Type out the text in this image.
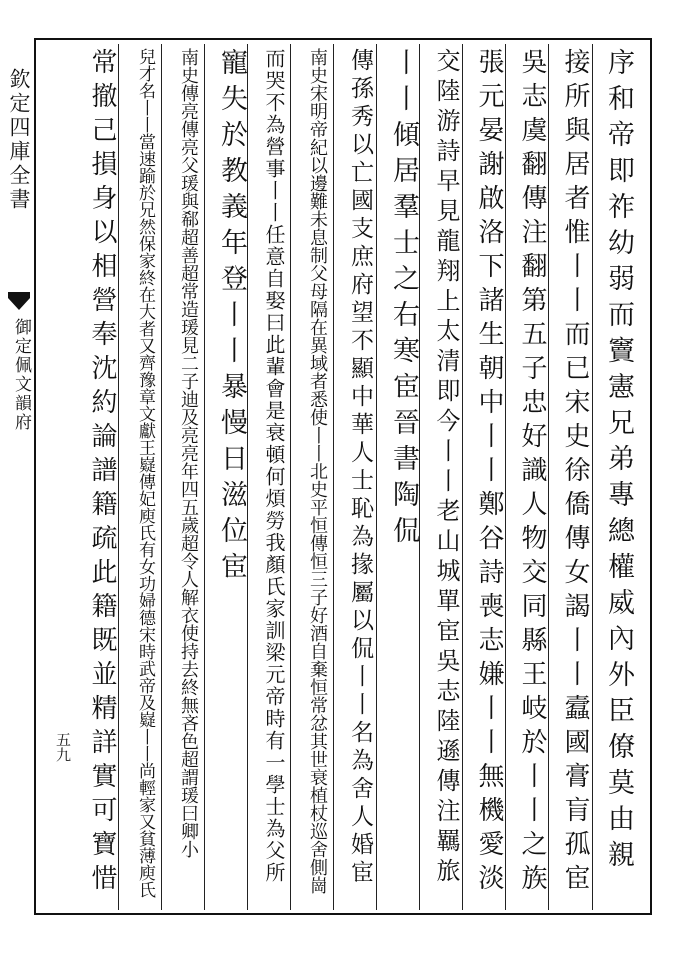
欽定四庫全書
御定佩文韻府
五九	序和帝即祚幼弱而竇憲兄弟專總權威內外臣僚莫由親
接所與居者惟丨丨而已宋史徐僑傳女謁丨丨蠧國膏肓孤宦
吳志虞翻傳注翻第五子忠好識人物交同縣王岐於丨丨之族
張元晏謝啟洛下諸生朝中丨丨鄭谷詩喪志嫌丨丨無機愛淡
交陸游詩早見龍翔上太清即今丨丨老山城單宦吳志陸遜傳注羈旅
丨丨傾居羣士之右寒宦晉書陶侃
傳孫秀以亡國支庶府望不顯中華人士恥為掾屬以侃丨丨名為舍人婚宦
南史宋明帝紀以邊難未息制父母隔在異域者悉使丨丨北史平恒傳恒三子好酒自棄恒常忿其世衰植杖巡舍側崗
而哭不為營事丨丨任意自娶曰此輩會是衰頓何煩勞我顏氏家訓梁元帝時有一學士為父所
寵失於教義年登丨丨暴慢日滋位宦
南史傳亮傳亮父瑗與郗超善超常造瑗見二子迪及亮亮年四五歲超令人解衣使持去終無吝色超謂瑗曰卿小
兒才名丨丨當速踰於兄然保家終在大者又齊豫章文獻王嶷傳妃庾氏有女功婦德宋時武帝及嶷丨丨尚輕家又貧薄庾氏
常撤己損身以相營奉沈約論譜籍疏此籍既並精詳實可寶惜
